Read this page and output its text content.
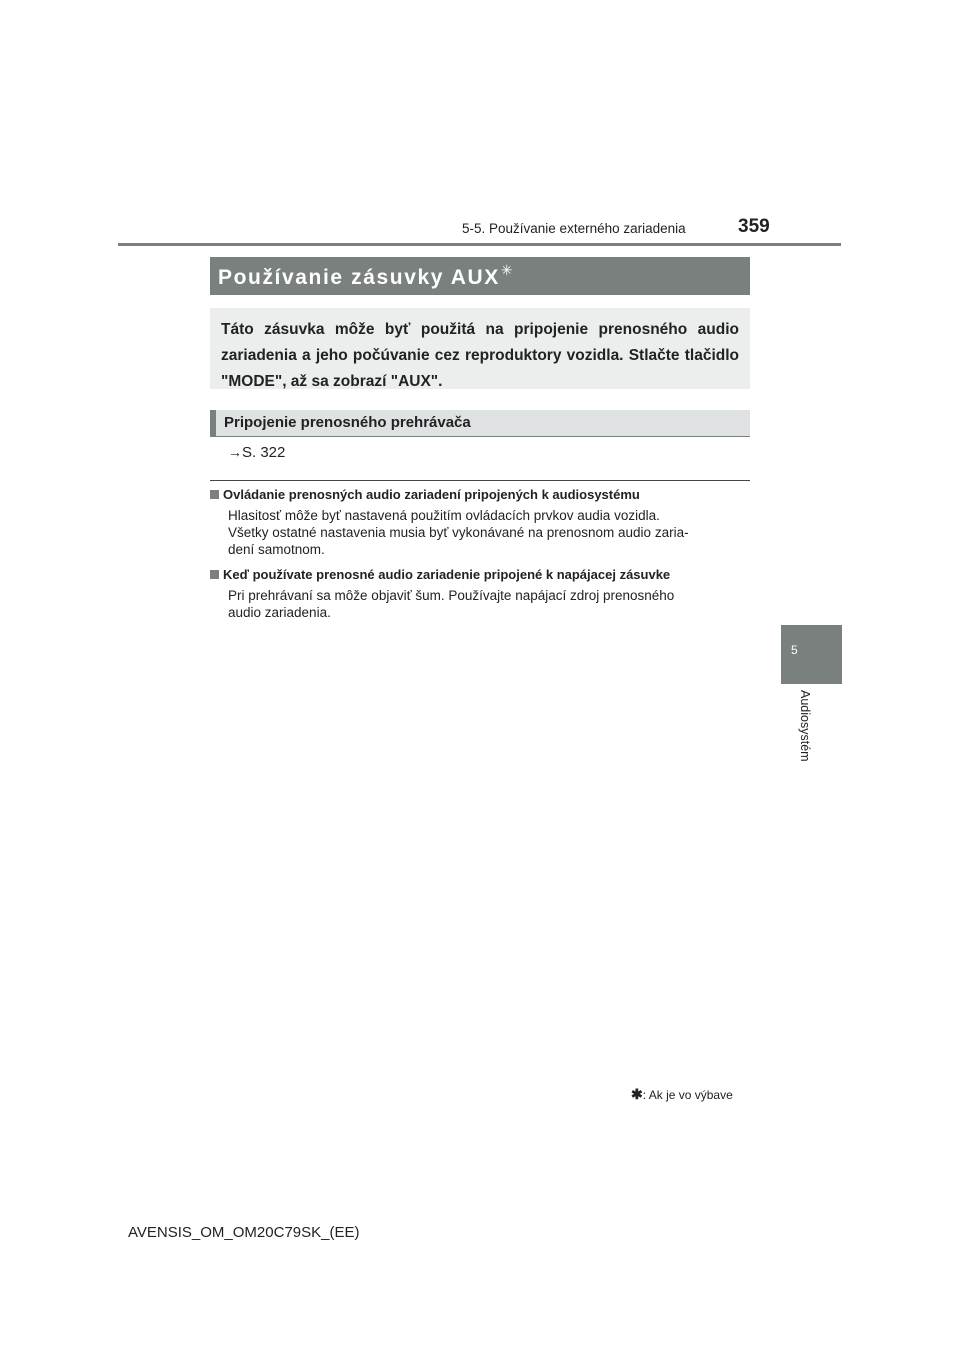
5-5. Používanie externého zariadenia	359
5
Audiosystém
Používanie zásuvky AUX✳

Táto zásuvka môže byť použitá na pripojenie prenosného audio zariadenia a jeho počúvanie cez reproduktory vozidla. Stlačte tlačidlo "MODE", až sa zobrazí "AUX".

Pripojenie prenosného prehrávača
→S. 322
Ovládanie prenosných audio zariadení pripojených k audiosystému
Hlasitosť môže byť nastavená použitím ovládacích prvkov audia vozidla.
Všetky ostatné nastavenia musia byť vykonávané na prenosnom audio zaria-
dení samotnom.
Keď používate prenosné audio zariadenie pripojené k napájacej zásuvke
Pri prehrávaní sa môže objaviť šum. Používajte napájací zdroj prenosného
audio zariadenia.
✱: Ak je vo výbave
AVENSIS_OM_OM20C79SK_(EE)
